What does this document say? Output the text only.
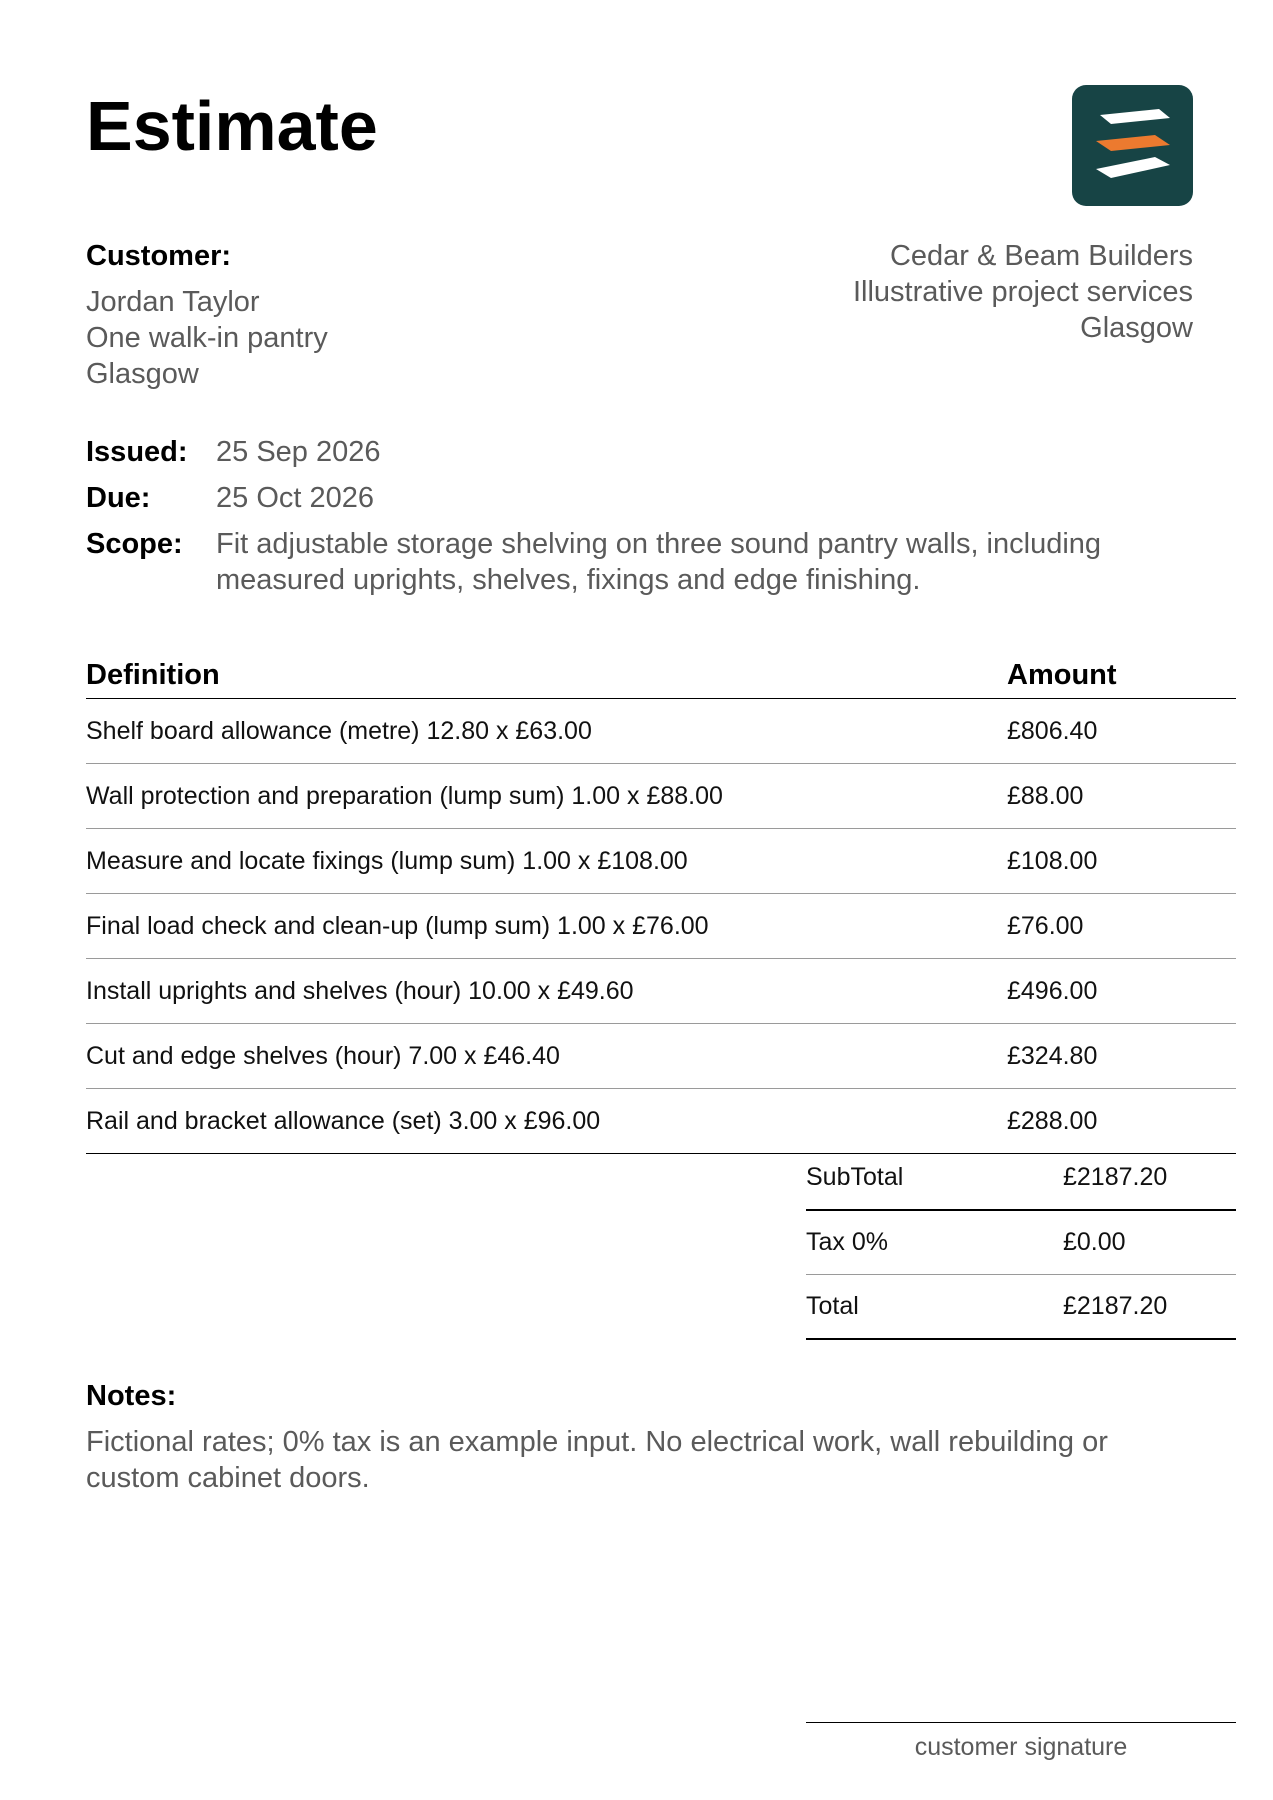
Estimate
Customer:
Jordan Taylor
One walk-in pantry
Glasgow
Cedar & Beam Builders
Illustrative project services
Glasgow
Issued: 25 Sep 2026
Due:	25 Oct 2026
Scope:	Fit adjustable storage shelving on three sound pantry walls, including measured uprights, shelves, fixings and edge finishing.
Definition	Amount
Shelf board allowance (metre) 12.80 x £63.00	£806.40
Wall protection and preparation (lump sum) 1.00 x £88.00	£88.00
Measure and locate fixings (lump sum) 1.00 x £108.00	£108.00
Final load check and clean-up (lump sum) 1.00 x £76.00	£76.00
Install uprights and shelves (hour) 10.00 x £49.60	£496.00
Cut and edge shelves (hour) 7.00 x £46.40	£324.80
Rail and bracket allowance (set) 3.00 x £96.00	£288.00
SubTotal	£2187.20
Tax 0%	£0.00
Total	£2187.20
Notes:
Fictional rates; 0% tax is an example input. No electrical work, wall rebuilding or custom cabinet doors.
customer signature
